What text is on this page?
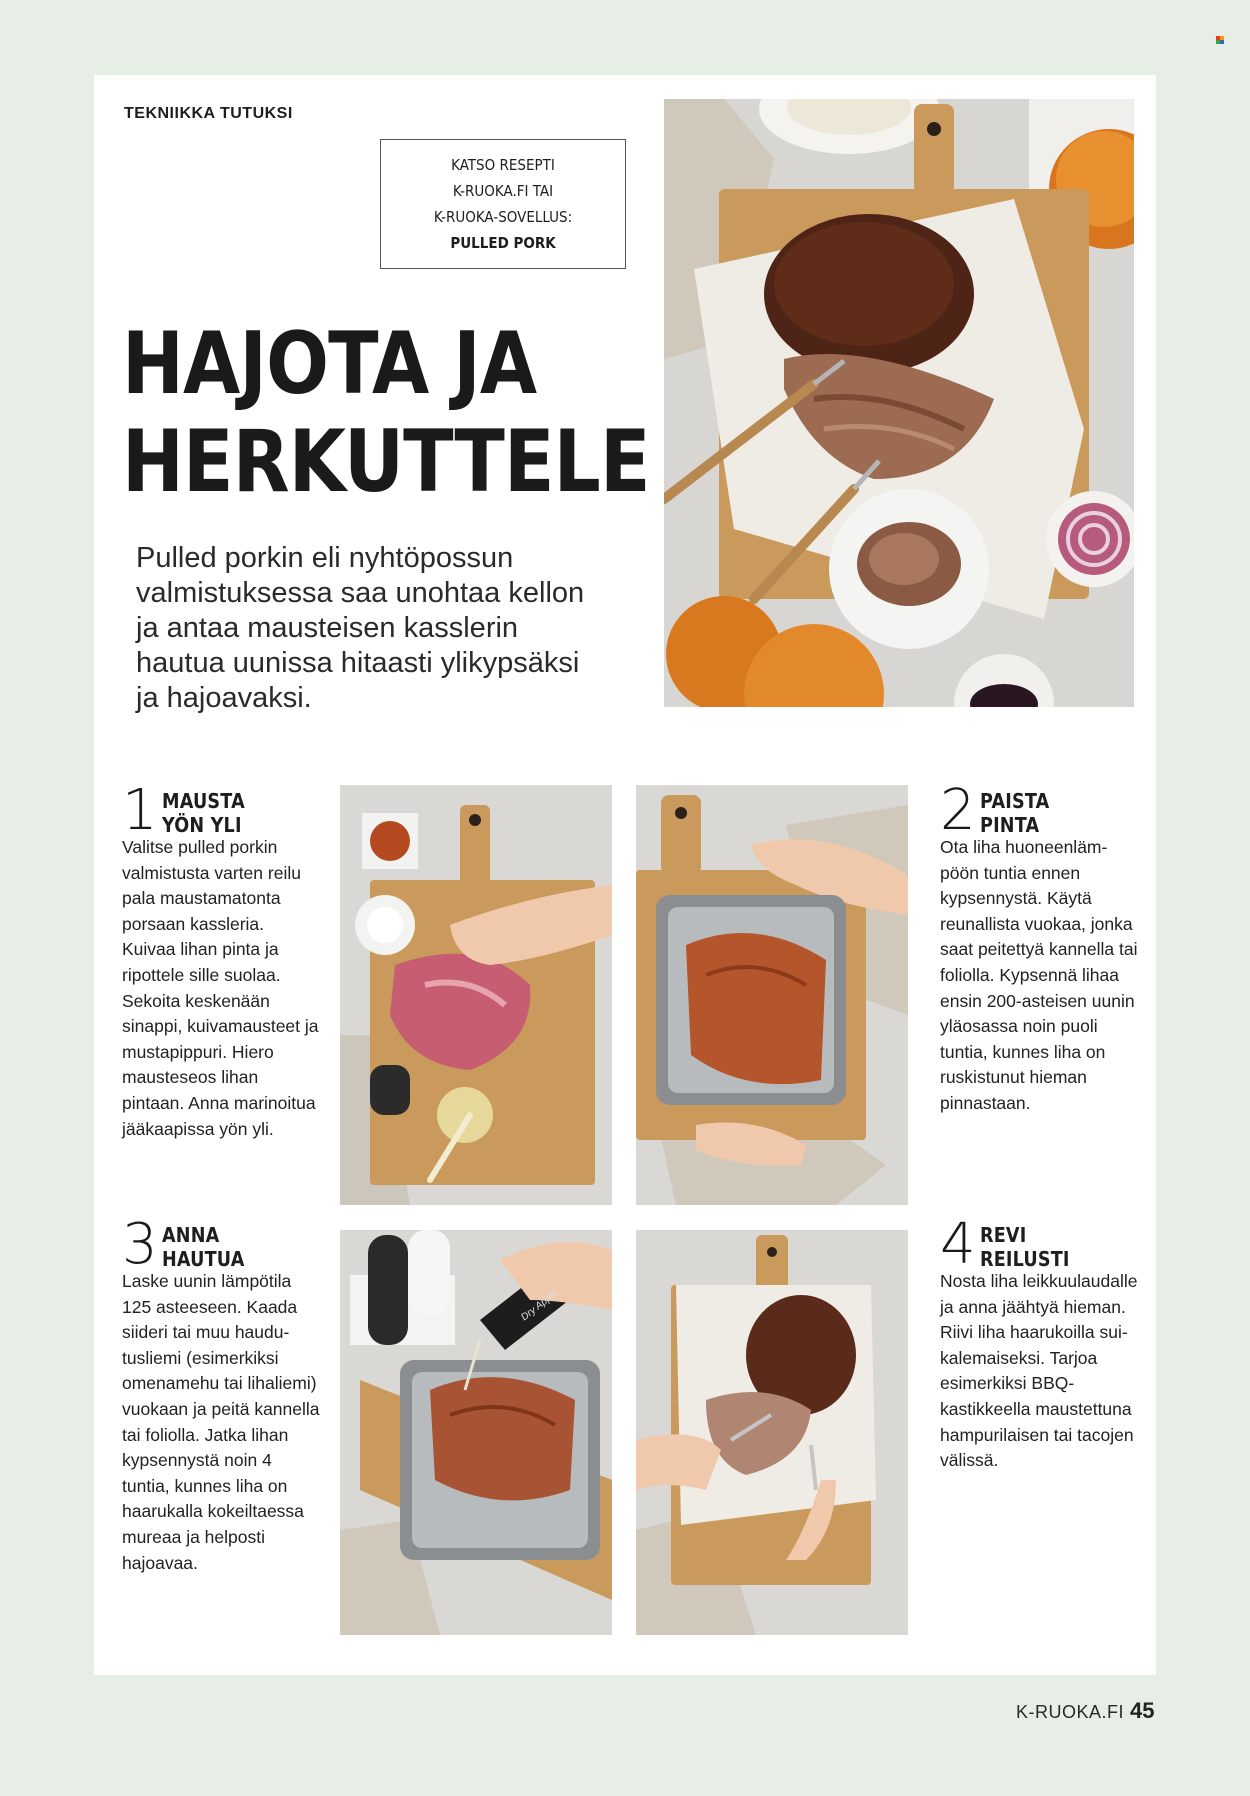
TEKNIIKKA TUTUKSI
KATSO RESEPTI
K-RUOKA.FI TAI
K-RUOKA-SOVELLUS:
PULLED PORK
HAJOTA JA
HERKUTTELE

Pulled porkin eli nyhtöpossun valmistuksessa saa unohtaa kellon ja antaa mausteisen kasslerin hautua uunissa hitaasti ylikypsäksi ja hajoavaksi.

1 MAUSTA
YÖN YLI

Valitse pulled porkin valmistusta varten reilu pala maustamatonta porsaan kassleria. Kuivaa lihan pinta ja ripottele sille suolaa. Sekoita keskenään sinappi, kuivamausteet ja mustapippuri. Hiero mausteseos lihan pintaan. Anna marinoitua jääkaapissa yön yli.

2 PAISTA
PINTA

Ota liha huoneenlämpöön tuntia ennen kypsennystä. Käytä reunallista vuokaa, jonka saat peitettyä kannella tai foliolla. Kypsennä lihaa ensin 200-asteisen uunin yläosassa noin puoli tuntia, kunnes liha on ruskistunut hieman pinnastaan.

3 ANNA
HAUTUA

Laske uunin lämpötila 125 asteeseen. Kaada siideri tai muu haudutusliemi (esimerkiksi omenamehu tai lihaliemi) vuokaan ja peitä kannella tai foliolla. Jatka lihan kypsennystä noin 4 tuntia, kunnes liha on haarukalla kokeiltaessa mureaa ja helposti hajoavaa.

4 REVI
REILUSTI

Nosta liha leikkuulaudalle ja anna jäähtyä hieman. Riivi liha haarukoilla suikalemaiseksi. Tarjoa esimerkiksi BBQ-kastikkeella maustettuna hampurilaisen tai tacojen välissä.

Dry Apple
K-RUOKA.FI 45
